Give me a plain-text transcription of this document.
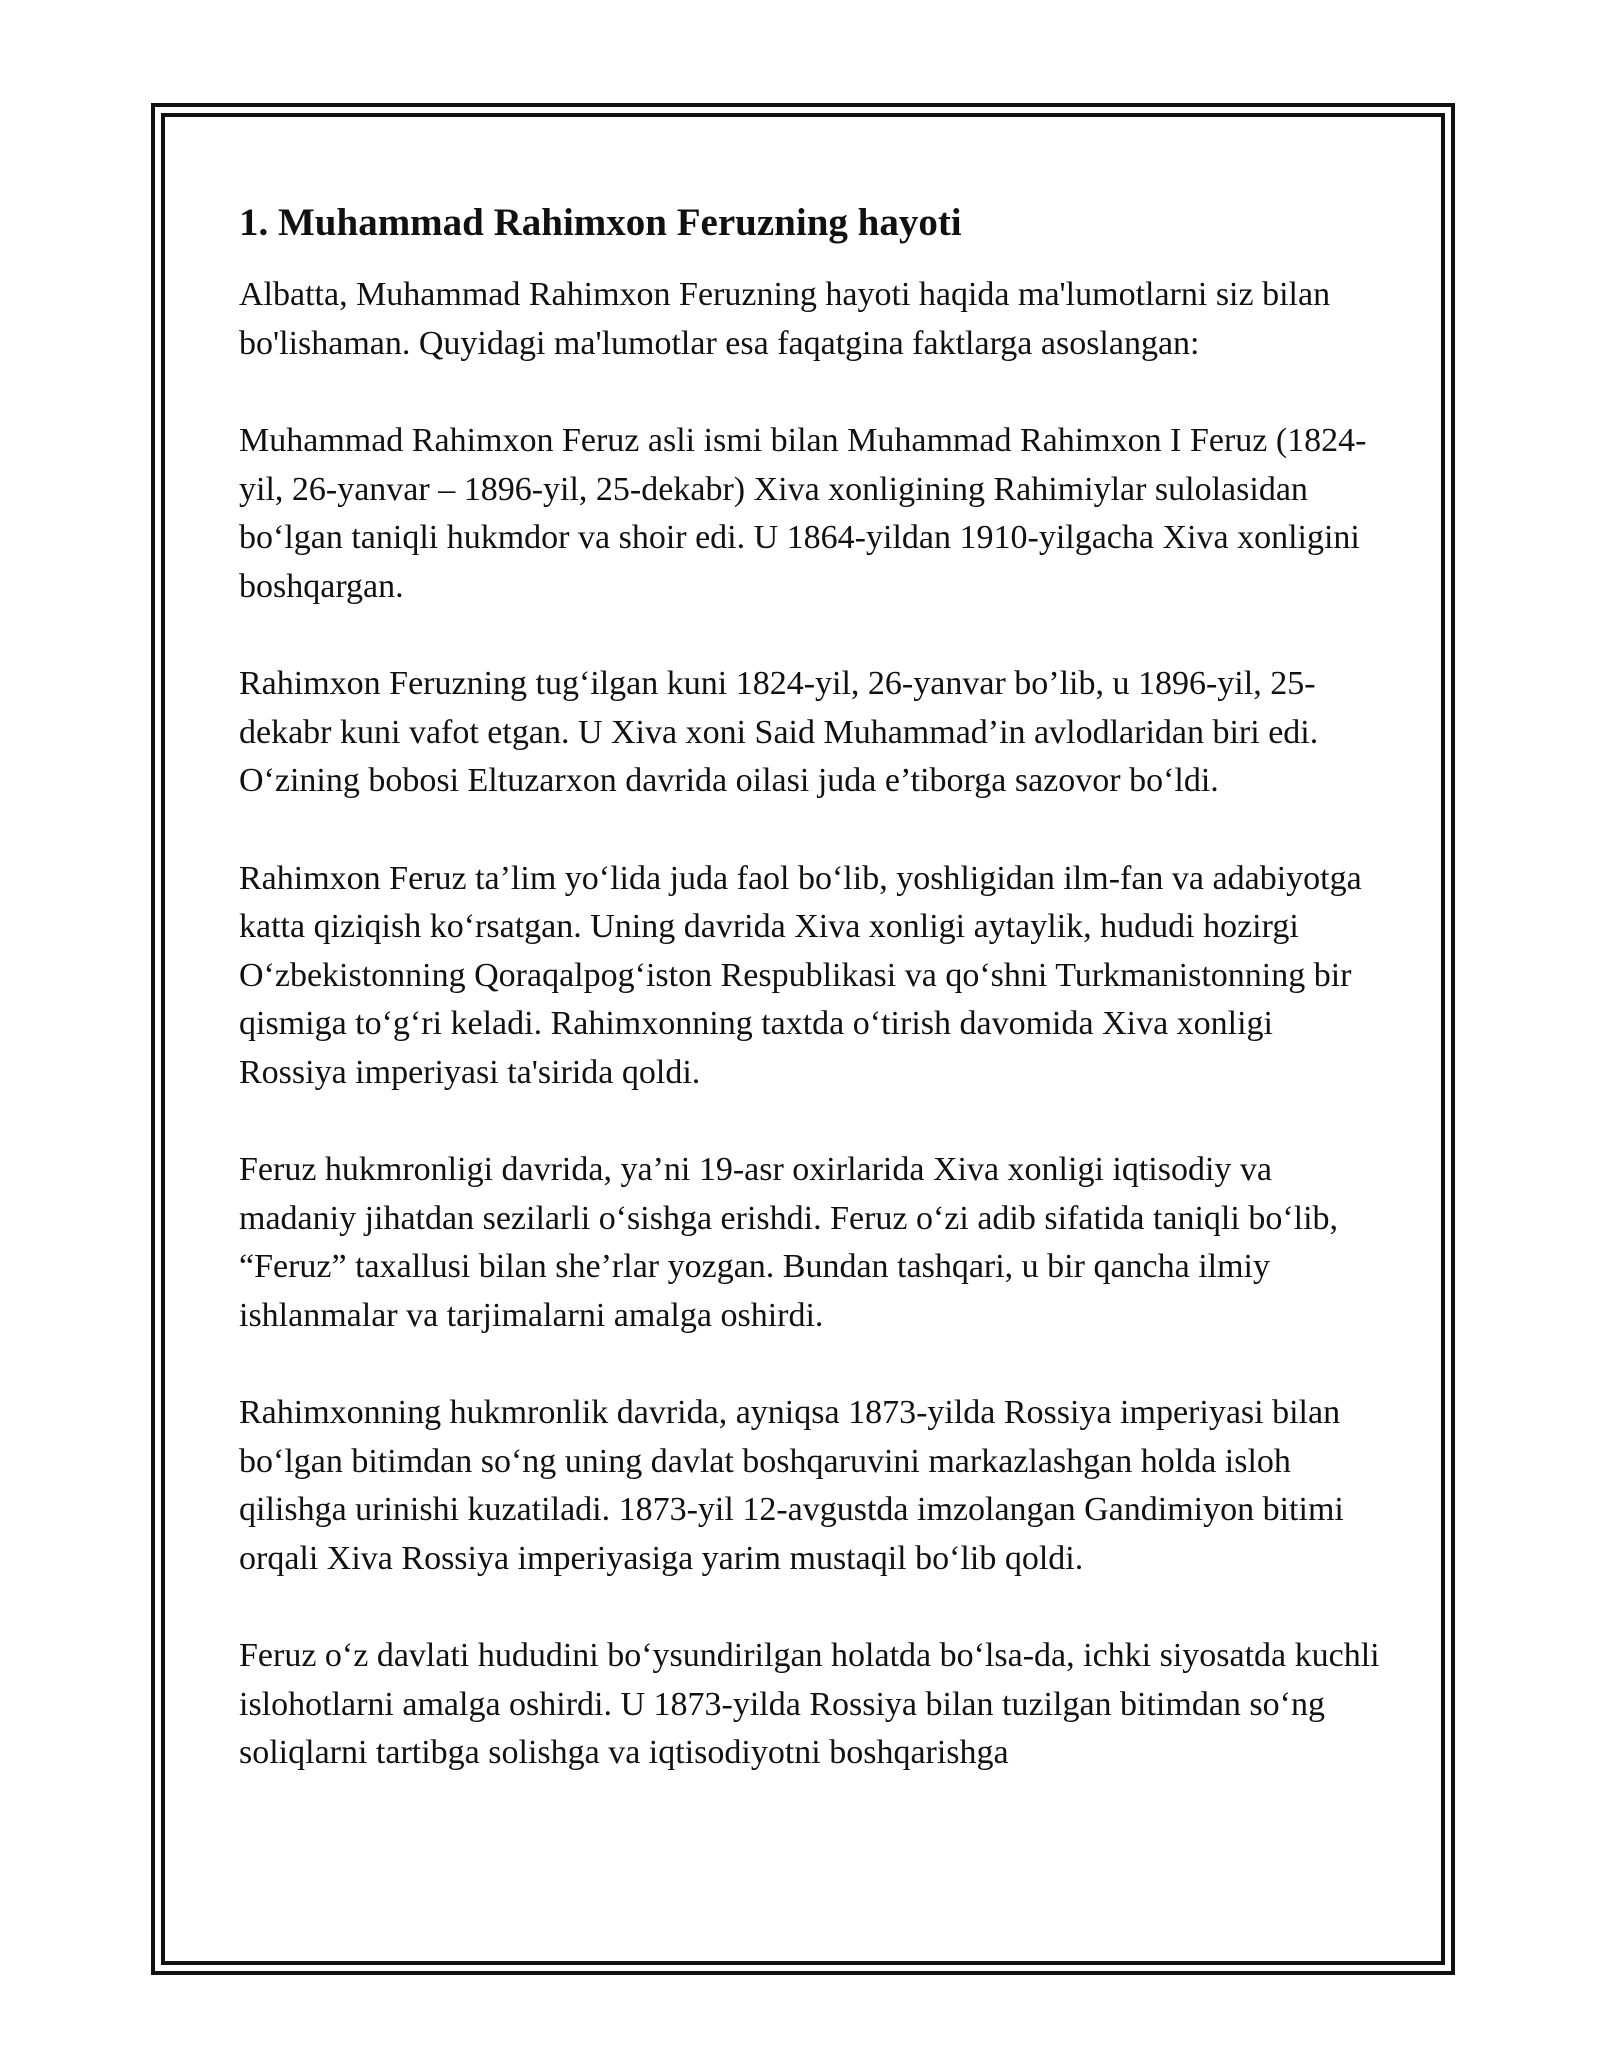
1. Muhammad Rahimxon Feruzning hayoti

Albatta, Muhammad Rahimxon Feruzning hayoti haqida ma'lumotlarni siz bilan bo'lishaman. Quyidagi ma'lumotlar esa faqatgina faktlarga asoslangan:

Muhammad Rahimxon Feruz asli ismi bilan Muhammad Rahimxon I Feruz (1824-yil, 26-yanvar – 1896-yil, 25-dekabr) Xiva xonligining Rahimiylar sulolasidan boʻlgan taniqli hukmdor va shoir edi. U 1864-yildan 1910-yilgacha Xiva xonligini boshqargan.

Rahimxon Feruzning tugʻilgan kuni 1824-yil, 26-yanvar bo’lib, u 1896-yil, 25-dekabr kuni vafot etgan. U Xiva xoni Said Muhammad’in avlodlaridan biri edi. Oʻzining bobosi Eltuzarxon davrida oilasi juda e’tiborga sazovor boʻldi.

Rahimxon Feruz ta’lim yoʻlida juda faol boʻlib, yoshligidan ilm-fan va adabiyotga katta qiziqish koʻrsatgan. Uning davrida Xiva xonligi aytaylik, hududi hozirgi Oʻzbekistonning Qoraqalpogʻiston Respublikasi va qoʻshni Turkmanistonning bir qismiga toʻgʻri keladi. Rahimxonning taxtda oʻtirish davomida Xiva xonligi Rossiya imperiyasi ta'sirida qoldi.

Feruz hukmronligi davrida, ya’ni 19-asr oxirlarida Xiva xonligi iqtisodiy va madaniy jihatdan sezilarli oʻsishga erishdi. Feruz oʻzi adib sifatida taniqli boʻlib, “Feruz” taxallusi bilan she’rlar yozgan. Bundan tashqari, u bir qancha ilmiy ishlanmalar va tarjimalarni amalga oshirdi.

Rahimxonning hukmronlik davrida, ayniqsa 1873-yilda Rossiya imperiyasi bilan boʻlgan bitimdan soʻng uning davlat boshqaruvini markazlashgan holda isloh qilishga urinishi kuzatiladi. 1873-yil 12-avgustda imzolangan Gandimiyon bitimi orqali Xiva Rossiya imperiyasiga yarim mustaqil boʻlib qoldi.

Feruz oʻz davlati hududini boʻysundirilgan holatda boʻlsa-da, ichki siyosatda kuchli islohotlarni amalga oshirdi. U 1873-yilda Rossiya bilan tuzilgan bitimdan soʻng soliqlarni tartibga solishga va iqtisodiyotni boshqarishga
